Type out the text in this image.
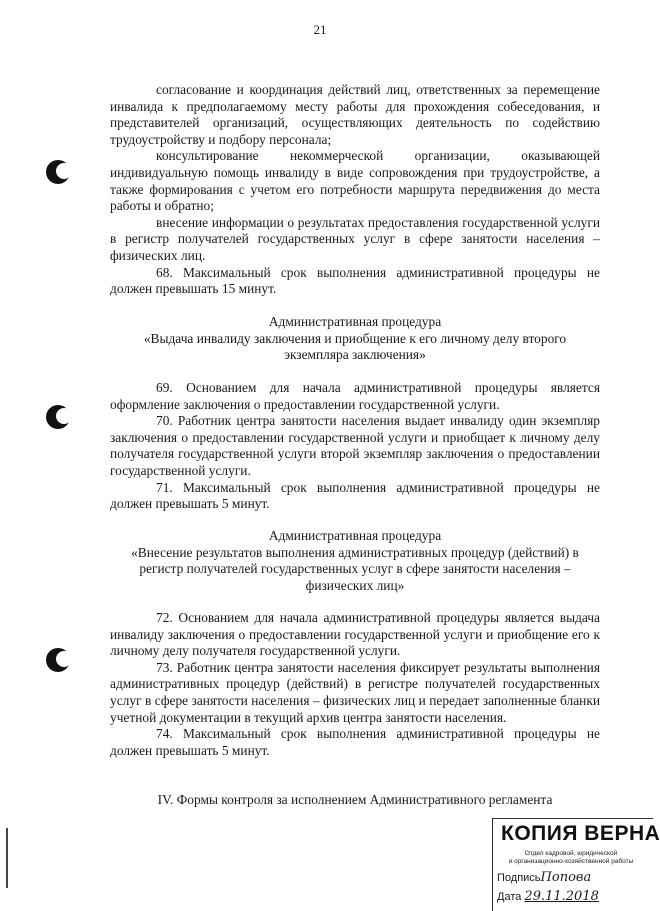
21

согласование и координация действий лиц, ответственных за перемещение инвалида к предполагаемому месту работы для прохождения собеседования, и представителей организаций, осуществляющих деятельность по содействию трудоустройству и подбору персонала;

консультирование некоммерческой организации, оказывающей индивидуальную помощь инвалиду в виде сопровождения при трудоустройстве, а также формирования с учетом его потребности маршрута передвижения до места работы и обратно;

внесение информации о результатах предоставления государственной услуги в регистр получателей государственных услуг в сфере занятости населения – физических лиц.

68. Максимальный срок выполнения административной процедуры не должен превышать 15 минут.

Административная процедура

«Выдача инвалиду заключения и приобщение к его личному делу второго экземпляра заключения»

69. Основанием для начала административной процедуры является оформление заключения о предоставлении государственной услуги.

70. Работник центра занятости населения выдает инвалиду один экземпляр заключения о предоставлении государственной услуги и приобщает к личному делу получателя государственной услуги второй экземпляр заключения о предоставлении государственной услуги.

71. Максимальный срок выполнения административной процедуры не должен превышать 5 минут.

Административная процедура

«Внесение результатов выполнения административных процедур (действий) в регистр получателей государственных услуг в сфере занятости населения – физических лиц»

72. Основанием для начала административной процедуры является выдача инвалиду заключения о предоставлении государственной услуги и приобщение его к личному делу получателя государственной услуги.

73. Работник центра занятости населения фиксирует результаты выполнения административных процедур (действий) в регистре получателей государственных услуг в сфере занятости населения – физических лиц и передает заполненные бланки учетной документации в текущий архив центра занятости населения.

74. Максимальный срок выполнения административной процедуры не должен превышать 5 минут.

IV. Формы контроля за исполнением Административного регламента

КОПИЯ ВЕРНА
Отдел кадровой, юридической
и организационно-хозяйственной работы
ПодписьПопова
Дата 29.11.2018
